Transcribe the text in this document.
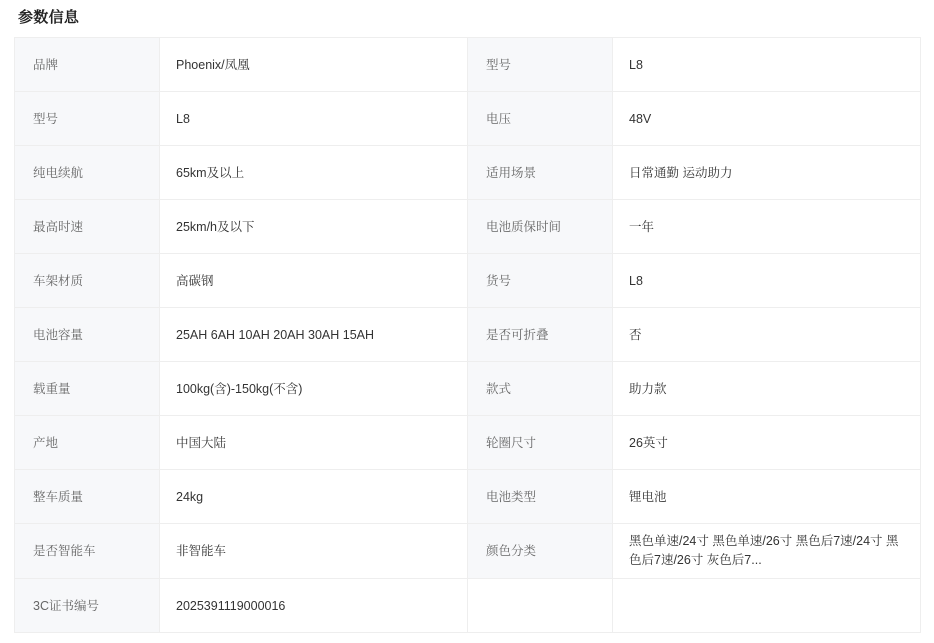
参数信息
品牌	Phoenix/凤凰	型号	L8
型号	L8	电压	48V
纯电续航	65km及以上	适用场景	日常通勤 运动助力
最高时速	25km/h及以下	电池质保时间	一年
车架材质	高碳钢	货号	L8
电池容量	25AH 6AH 10AH 20AH 30AH 15AH	是否可折叠	否
载重量	100kg(含)-150kg(不含)	款式	助力款
产地	中国大陆	轮圈尺寸	26英寸
整车质量	24kg	电池类型	锂电池
是否智能车	非智能车	颜色分类	黑色单速/24寸 黑色单速/26寸 黑色后7速/24寸 黑色后7速/26寸 灰色后7...
3C证书编号	2025391119000016		
